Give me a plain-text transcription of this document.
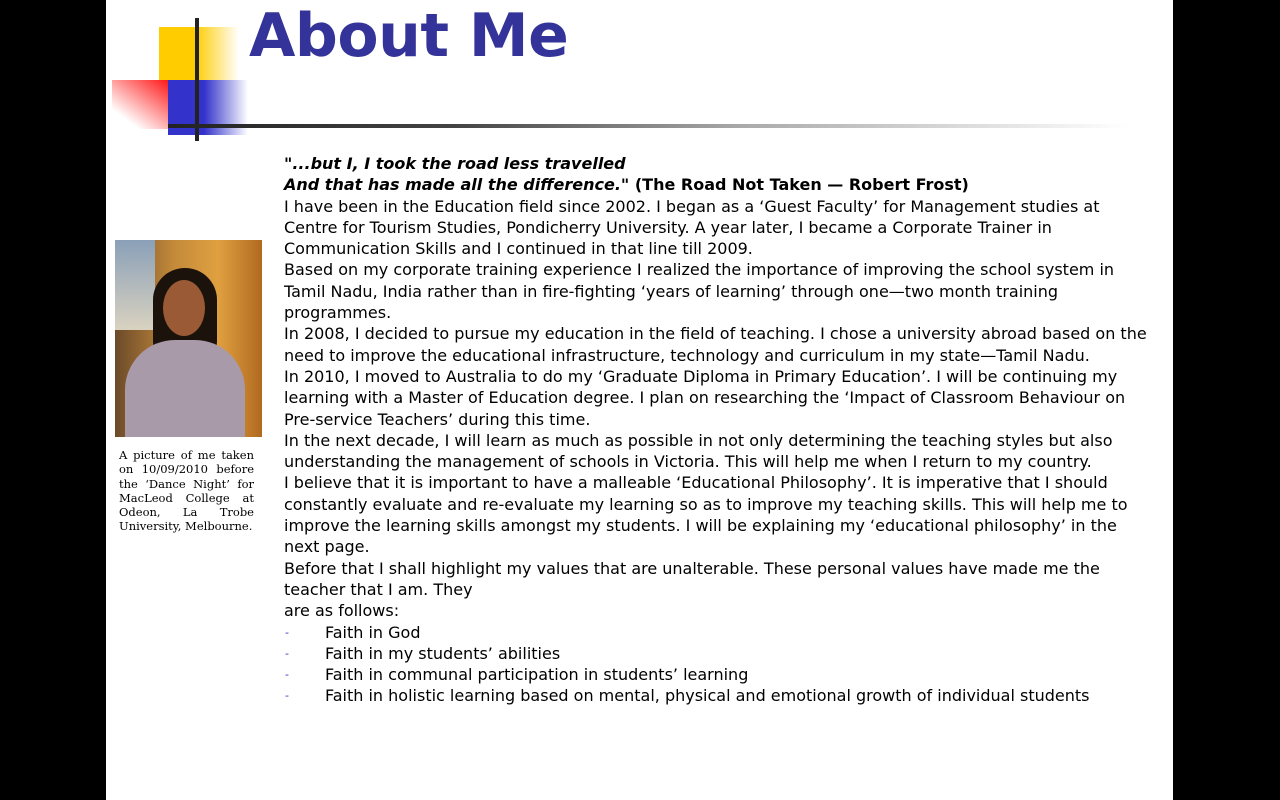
About Me
A picture of me taken on 10/09/2010 before the ‘Dance Night’ for MacLeod College at Odeon, La Trobe University, Melbourne.

"...but I, I took the road less travelled
And that has made all the difference." (The Road Not Taken — Robert Frost)

I have been in the Education field since 2002. I began as a ‘Guest Faculty’ for Management studies at Centre for Tourism Studies, Pondicherry University. A year later, I became a Corporate Trainer in Communication Skills and I continued in that line till 2009.

Based on my corporate training experience I realized the importance of improving the school system in Tamil Nadu, India rather than in fire-fighting ‘years of learning’ through one—two month training programmes.

In 2008, I decided to pursue my education in the field of teaching. I chose a university abroad based on the need to improve the educational infrastructure, technology and curriculum in my state—Tamil Nadu.

In 2010, I moved to Australia to do my ‘Graduate Diploma in Primary Education’. I will be continuing my learning with a Master of Education degree. I plan on researching the ‘Impact of Classroom Behaviour on Pre-service Teachers’ during this time.

In the next decade, I will learn as much as possible in not only determining the teaching styles but also understanding the management of schools in Victoria. This will help me when I return to my country.

I believe that it is important to have a malleable ‘Educational Philosophy’. It is imperative that I should constantly evaluate and re-evaluate my learning so as to improve my teaching skills. This will help me to improve the learning skills amongst my students. I will be explaining my ‘educational philosophy’ in the next page.

Before that I shall highlight my values that are unalterable. These personal values have made me the teacher that I am. They

are as follows:

- Faith in God
- Faith in my students’ abilities
- Faith in communal participation in students’ learning
- Faith in holistic learning based on mental, physical and emotional growth of individual students
